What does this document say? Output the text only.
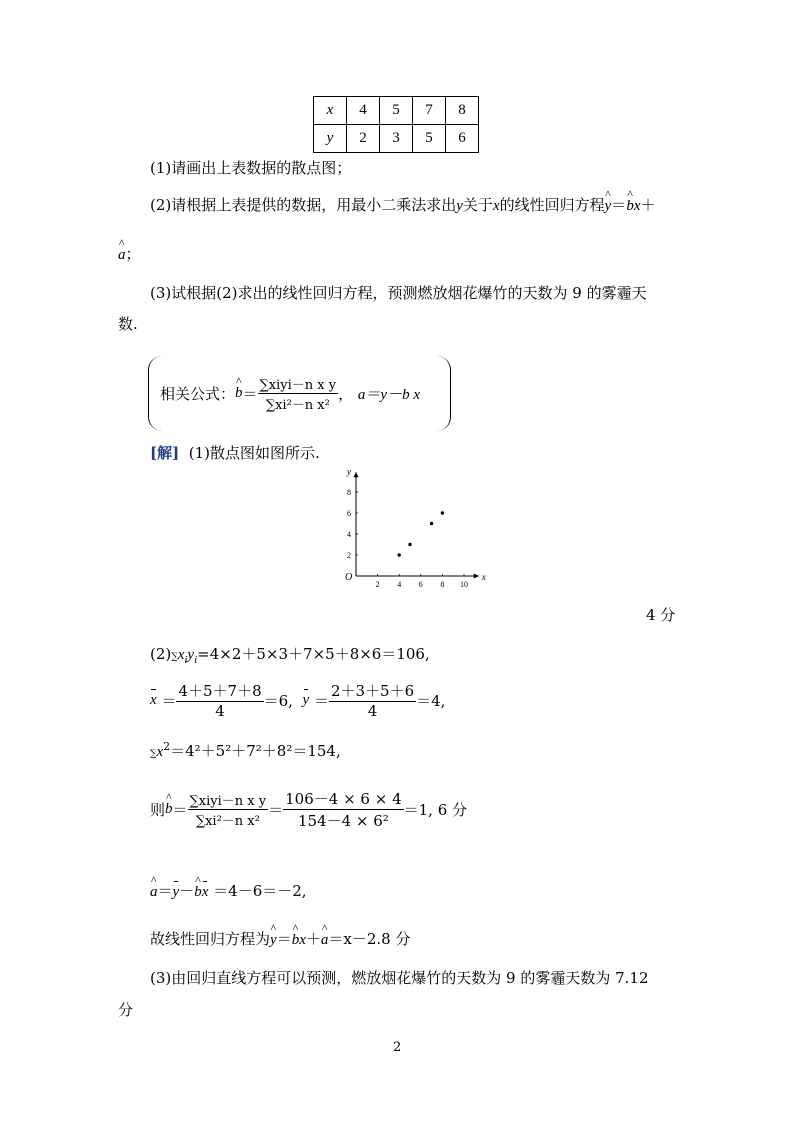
x	4	5	7	8
y	2	3	5	6
(1)请画出上表数据的散点图；
(2)请根据上表提供的数据，用最小二乘法求出y关于x的线性回归方程^ y＝^ bx＋
^ a；
(3)试根据(2)求出的线性回归方程，预测燃放烟花爆竹的天数为 9 的雾霾天
数.
相关公式： ^ $b = \frac{\text{∑xiyi－n x y}}{\text{∑xi²－n x²}}$ ， a＝y－b x
[解] (1)散点图如图所示.
x
y
O
2 4 6 8 10
2
4
6
8
4 分
$(2)\sum x_iy_i=4\times 2+5\times 3+7\times 5+8\times 6=106$,
$x = \frac{4+5+7+8}{4} =6$,
$y = \frac{2+3+5+6}{4} =4$,
$\sum x^2=4^2+5^2+7^2+8^2=154$,
则 ^ $b = \frac{\text{∑xiyi－n x y}}{\text{∑xi²－n x²}} = \frac{106-4 \times 6 \times 4}{\text{154－4 × 6²}} =1$, 6 分
^ a＝y－^ bx ＝4－6＝－2,
故线性回归方程为^ y＝^ bx＋^ a＝x－2.8 分
(3)由回归直线方程可以预测，燃放烟花爆竹的天数为 9 的雾霾天数为 7.12
分
2
